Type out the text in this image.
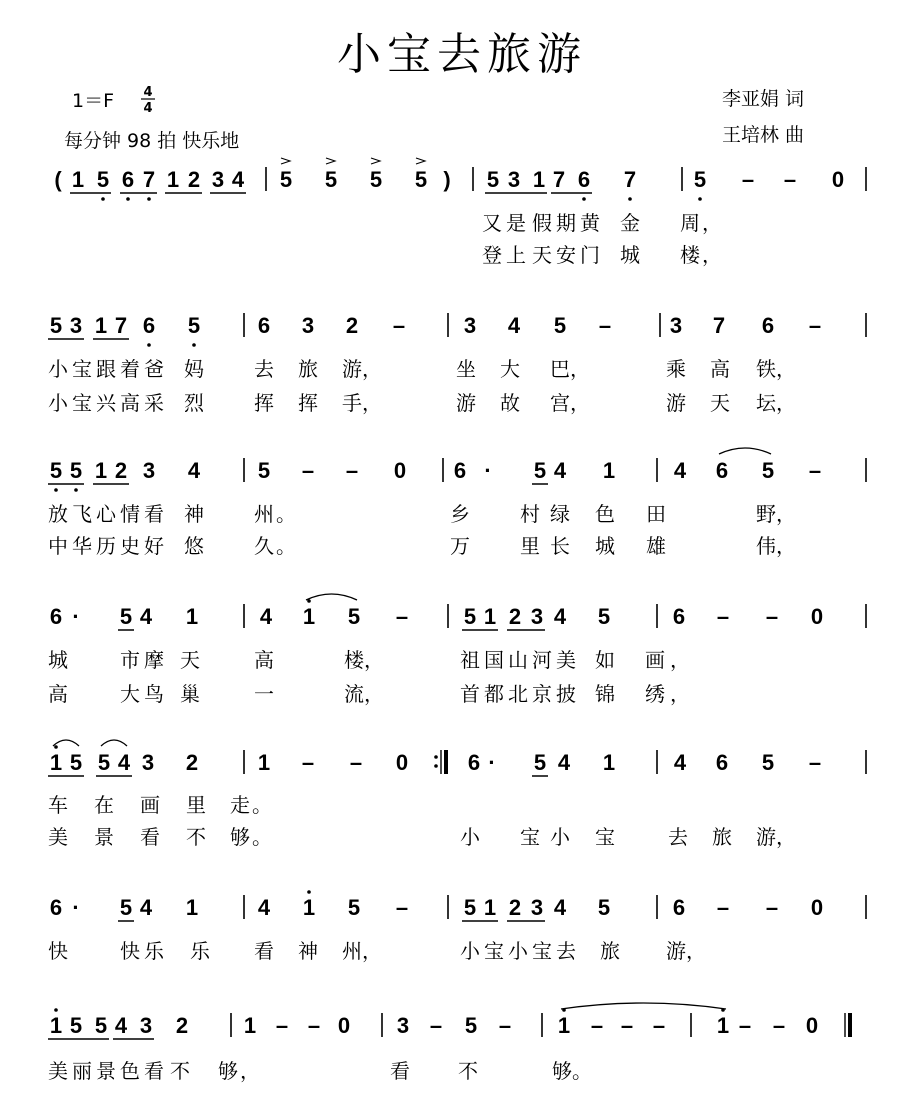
小宝去旅游
1＝F 4
4
每分钟 98 拍 快乐地
李亚娟 词
王培林 曲
( 1 5 6 7 1 2 3 4 5 5 5 5 ) 5 3 1 7 6 7	5 – – 0
又 是 假 期 黄 金 周 ，
登 上 天 安 门 城 楼 ，
5 3 1 7 6 5	6 3 2 –	3 4 5 –	3 7 6 –
小 宝 跟 着 爸 妈	去 旅 游 ，	坐 大 巴 ，	乘 高 铁 ，
小 宝 兴 高 采 烈	挥 挥 手 ，	游 故 宫 ，	游 天 坛 ，
5 5 1 2 3 4	5 – – 0 6 · 5 4 1	4 6 5 –
放 飞 心 情 看 神	州 。	乡	村 绿 色 田	野 ，
中 华 历 史 好 悠	久 。	万	里 长 城 雄	伟 ，
6 · 5 4 1	4 1 5 –	5 1 2 3 4 5	6 – – 0
城	市 摩 天	高	楼 ，	祖 国 山 河 美 如 画 ，
高	大 鸟 巢	一	流 ，	首 都 北 京 披 锦 绣 ，
1 5 5 4 3 2	1 – – 0	6 · 5 4 1	4 6 5 –
车 在 画 里 走 。
美 景 看 不 够 。	小 宝 小 宝	去 旅 游 ，
6 · 5 4 1	4 1 5 –	5 1 2 3 4 5	6 – – 0
快	快 乐 乐 看 神 州 ，	小 宝 小 宝 去 旅 游 ，
1 5 5 4 3 2	1 – – 0 3 – 5 – 1 – – – 1 – – 0
美 丽 景 色 看 不 够 ，	看 不	够 。
